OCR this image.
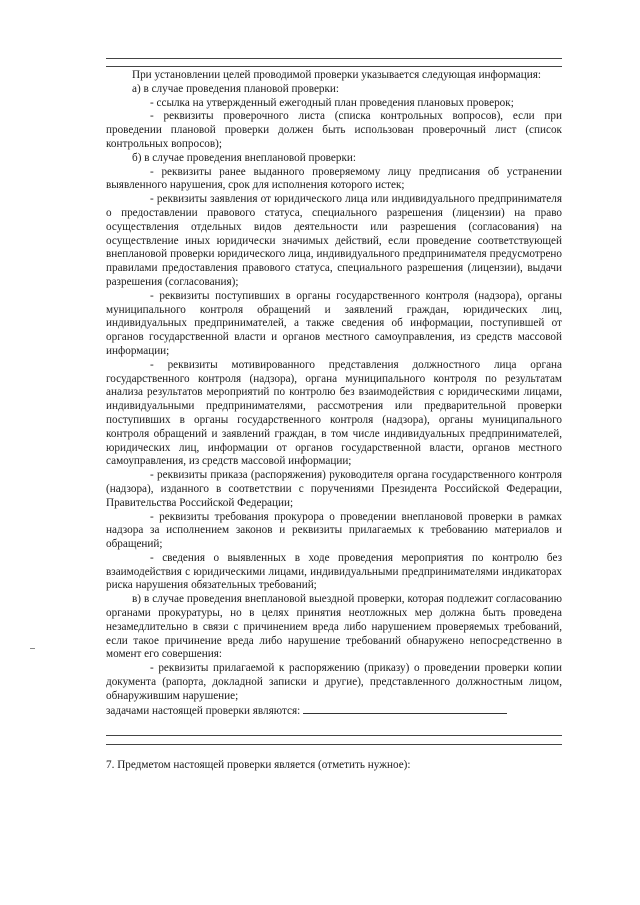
При установлении целей проводимой проверки указывается следующая информация:

а) в случае проведения плановой проверки:

- ссылка на утвержденный ежегодный план проведения плановых проверок;

- реквизиты проверочного листа (списка контрольных вопросов), если при проведении плановой проверки должен быть использован проверочный лист (список контрольных вопросов);

б) в случае проведения внеплановой проверки:

- реквизиты ранее выданного проверяемому лицу предписания об устранении выявленного нарушения, срок для исполнения которого истек;

- реквизиты заявления от юридического лица или индивидуального предпринимателя о предоставлении правового статуса, специального разрешения (лицензии) на право осуществления отдельных видов деятельности или разрешения (согласования) на осуществление иных юридически значимых действий, если проведение соответствующей внеплановой проверки юридического лица, индивидуального предпринимателя предусмотрено правилами предоставления правового статуса, специального разрешения (лицензии), выдачи разрешения (согласования);

- реквизиты поступивших в органы государственного контроля (надзора), органы муниципального контроля обращений и заявлений граждан, юридических лиц, индивидуальных предпринимателей, а также сведения об информации, поступившей от органов государственной власти и органов местного самоуправления, из средств массовой информации;

- реквизиты мотивированного представления должностного лица органа государственного контроля (надзора), органа муниципального контроля по результатам анализа результатов мероприятий по контролю без взаимодействия с юридическими лицами, индивидуальными предпринимателями, рассмотрения или предварительной проверки поступивших в органы государственного контроля (надзора), органы муниципального контроля обращений и заявлений граждан, в том числе индивидуальных предпринимателей, юридических лиц, информации от органов государственной власти, органов местного самоуправления, из средств массовой информации;

- реквизиты приказа (распоряжения) руководителя органа государственного контроля (надзора), изданного в соответствии с поручениями Президента Российской Федерации, Правительства Российской Федерации;

- реквизиты требования прокурора о проведении внеплановой проверки в рамках надзора за исполнением законов и реквизиты прилагаемых к требованию материалов и обращений;

- сведения о выявленных в ходе проведения мероприятия по контролю без взаимодействия с юридическими лицами, индивидуальными предпринимателями индикаторах риска нарушения обязательных требований;

в) в случае проведения внеплановой выездной проверки, которая подлежит согласованию органами прокуратуры, но в целях принятия неотложных мер должна быть проведена незамедлительно в связи с причинением вреда либо нарушением проверяемых требований, если такое причинение вреда либо нарушение требований обнаружено непосредственно в момент его совершения:

- реквизиты прилагаемой к распоряжению (приказу) о проведении проверки копии документа (рапорта, докладной записки и другие), представленного должностным лицом, обнаружившим нарушение;

задачами настоящей проверки являются:

7. Предметом настоящей проверки является (отметить нужное):
